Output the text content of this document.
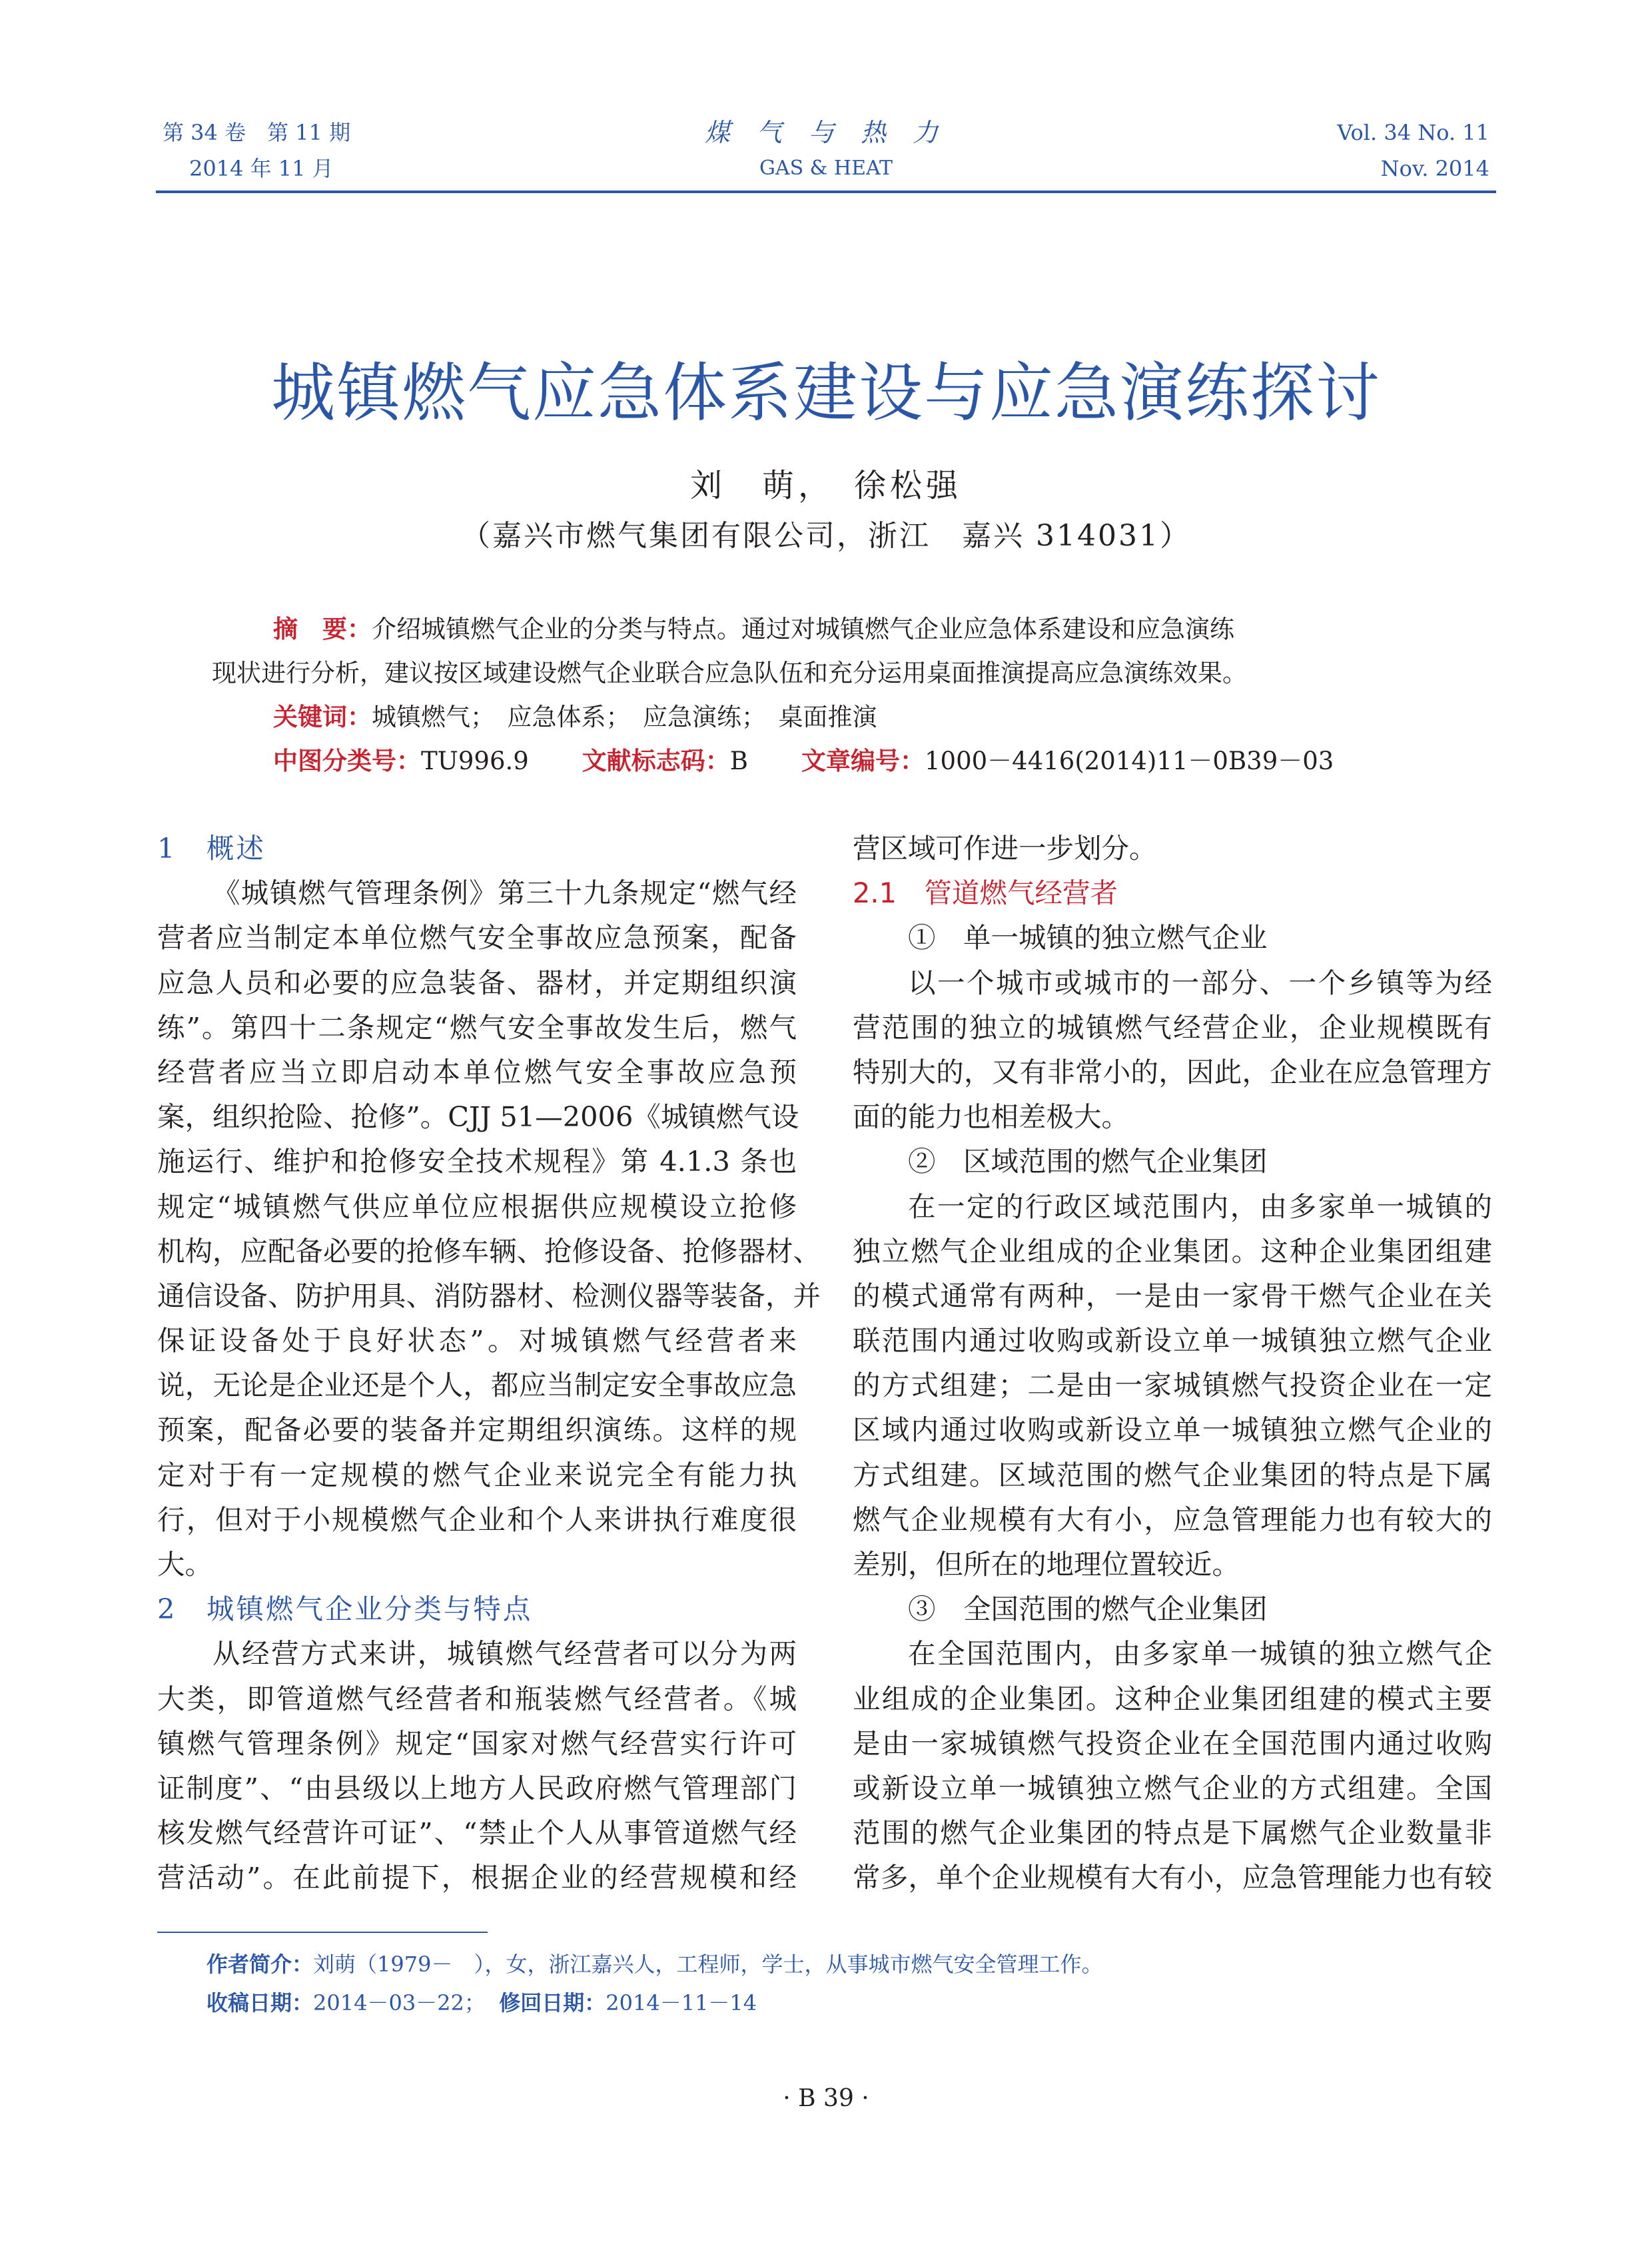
第 34 卷　第 11 期
2014 年 11 月
煤 气 与 热 力
GAS & HEAT
Vol. 34 No. 11
Nov. 2014
城镇燃气应急体系建设与应急演练探讨
刘　萌，　徐松强
（嘉兴市燃气集团有限公司，浙江　嘉兴 314031）
摘　要：介绍城镇燃气企业的分类与特点。通过对城镇燃气企业应急体系建设和应急演练
现状进行分析，建议按区域建设燃气企业联合应急队伍和充分运用桌面推演提高应急演练效果。
关键词：城镇燃气；　应急体系；　应急演练；　桌面推演
中图分类号：TU996.9 文献标志码：B 文章编号：1000－4416(2014)11－0B39－03
1　概述
《城镇燃气管理条例》第三十九条规定“燃气经
营者应当制定本单位燃气安全事故应急预案，配备
应急人员和必要的应急装备、器材，并定期组织演
练”。第四十二条规定“燃气安全事故发生后，燃气
经营者应当立即启动本单位燃气安全事故应急预
案，组织抢险、抢修”。CJJ 51—2006《城镇燃气设
施运行、维护和抢修安全技术规程》第 4.1.3 条也
规定“城镇燃气供应单位应根据供应规模设立抢修
机构，应配备必要的抢修车辆、抢修设备、抢修器材、
通信设备、防护用具、消防器材、检测仪器等装备，并
保证设备处于良好状态”。对城镇燃气经营者来
说，无论是企业还是个人，都应当制定安全事故应急
预案，配备必要的装备并定期组织演练。这样的规
定对于有一定规模的燃气企业来说完全有能力执
行，但对于小规模燃气企业和个人来讲执行难度很
大。
2　城镇燃气企业分类与特点
从经营方式来讲，城镇燃气经营者可以分为两
大类，即管道燃气经营者和瓶装燃气经营者。《城
镇燃气管理条例》规定“国家对燃气经营实行许可
证制度”、“由县级以上地方人民政府燃气管理部门
核发燃气经营许可证”、“禁止个人从事管道燃气经
营活动”。在此前提下，根据企业的经营规模和经
营区域可作进一步划分。
2.1　管道燃气经营者
①　单一城镇的独立燃气企业
以一个城市或城市的一部分、一个乡镇等为经
营范围的独立的城镇燃气经营企业，企业规模既有
特别大的，又有非常小的，因此，企业在应急管理方
面的能力也相差极大。
②　区域范围的燃气企业集团
在一定的行政区域范围内，由多家单一城镇的
独立燃气企业组成的企业集团。这种企业集团组建
的模式通常有两种，一是由一家骨干燃气企业在关
联范围内通过收购或新设立单一城镇独立燃气企业
的方式组建；二是由一家城镇燃气投资企业在一定
区域内通过收购或新设立单一城镇独立燃气企业的
方式组建。区域范围的燃气企业集团的特点是下属
燃气企业规模有大有小，应急管理能力也有较大的
差别，但所在的地理位置较近。
③　全国范围的燃气企业集团
在全国范围内，由多家单一城镇的独立燃气企
业组成的企业集团。这种企业集团组建的模式主要
是由一家城镇燃气投资企业在全国范围内通过收购
或新设立单一城镇独立燃气企业的方式组建。全国
范围的燃气企业集团的特点是下属燃气企业数量非
常多，单个企业规模有大有小，应急管理能力也有较
作者简介：刘萌（1979－　），女，浙江嘉兴人，工程师，学士，从事城市燃气安全管理工作。
收稿日期：2014－03－22； 修回日期：2014－11－14
· B 39 ·
